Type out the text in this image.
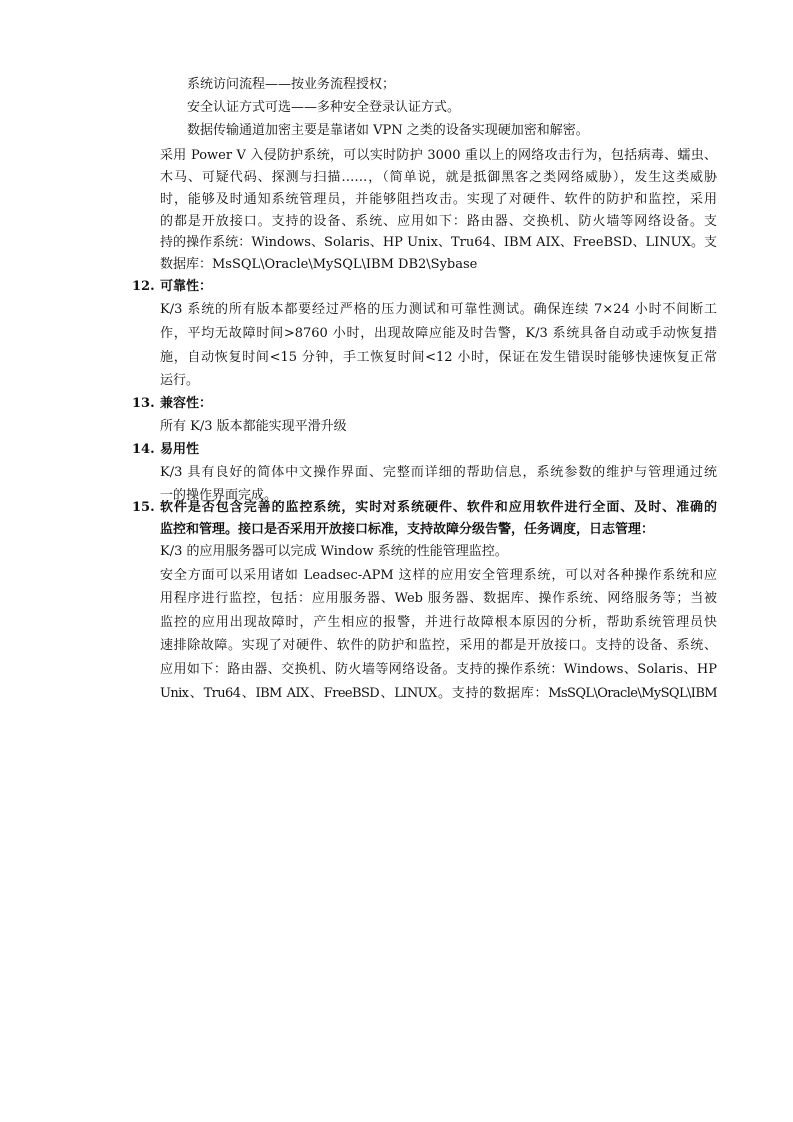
系统访问流程——按业务流程授权；
安全认证方式可选——多种安全登录认证方式。
数据传输通道加密主要是靠诸如 VPN 之类的设备实现硬加密和解密。
采用 Power V 入侵防护系统，可以实时防护 3000 重以上的网络攻击行为，包括病毒、蠕虫、
木马、可疑代码、探测与扫描……，（简单说，就是抵御黑客之类网络威胁），发生这类威胁
时，能够及时通知系统管理员，并能够阻挡攻击。实现了对硬件、软件的防护和监控，采用
的都是开放接口。支持的设备、系统、应用如下：路由器、交换机、防火墙等网络设备。支
持的操作系统：Windows、Solaris、HP Unix、Tru64、IBM AIX、FreeBSD、LINUX。支
数据库：MsSQL\Oracle\MySQL\IBM DB2\Sybase
12. 可靠性：
K/3 系统的所有版本都要经过严格的压力测试和可靠性测试。确保连续 7×24 小时不间断工
作，平均无故障时间>8760 小时，出现故障应能及时告警，K/3 系统具备自动或手动恢复措
施，自动恢复时间<15 分钟，手工恢复时间<12 小时，保证在发生错误时能够快速恢复正常
运行。
13. 兼容性：
所有 K/3 版本都能实现平滑升级
14. 易用性
K/3 具有良好的简体中文操作界面、完整而详细的帮助信息，系统参数的维护与管理通过统
一的操作界面完成。
15. 软件是否包含完善的监控系统，实时对系统硬件、软件和应用软件进行全面、及时、准确的
监控和管理。接口是否采用开放接口标准，支持故障分级告警，任务调度，日志管理：
K/3 的应用服务器可以完成 Window 系统的性能管理监控。
安全方面可以采用诸如 Leadsec-APM 这样的应用安全管理系统，可以对各种操作系统和应
用程序进行监控，包括：应用服务器、Web 服务器、数据库、操作系统、网络服务等；当被
监控的应用出现故障时，产生相应的报警，并进行故障根本原因的分析，帮助系统管理员快
速排除故障。实现了对硬件、软件的防护和监控，采用的都是开放接口。支持的设备、系统、
应用如下：路由器、交换机、防火墙等网络设备。支持的操作系统：Windows、Solaris、HP
Unix、Tru64、IBM AIX、FreeBSD、LINUX。支持的数据库：MsSQL\Oracle\MySQL\IBM
